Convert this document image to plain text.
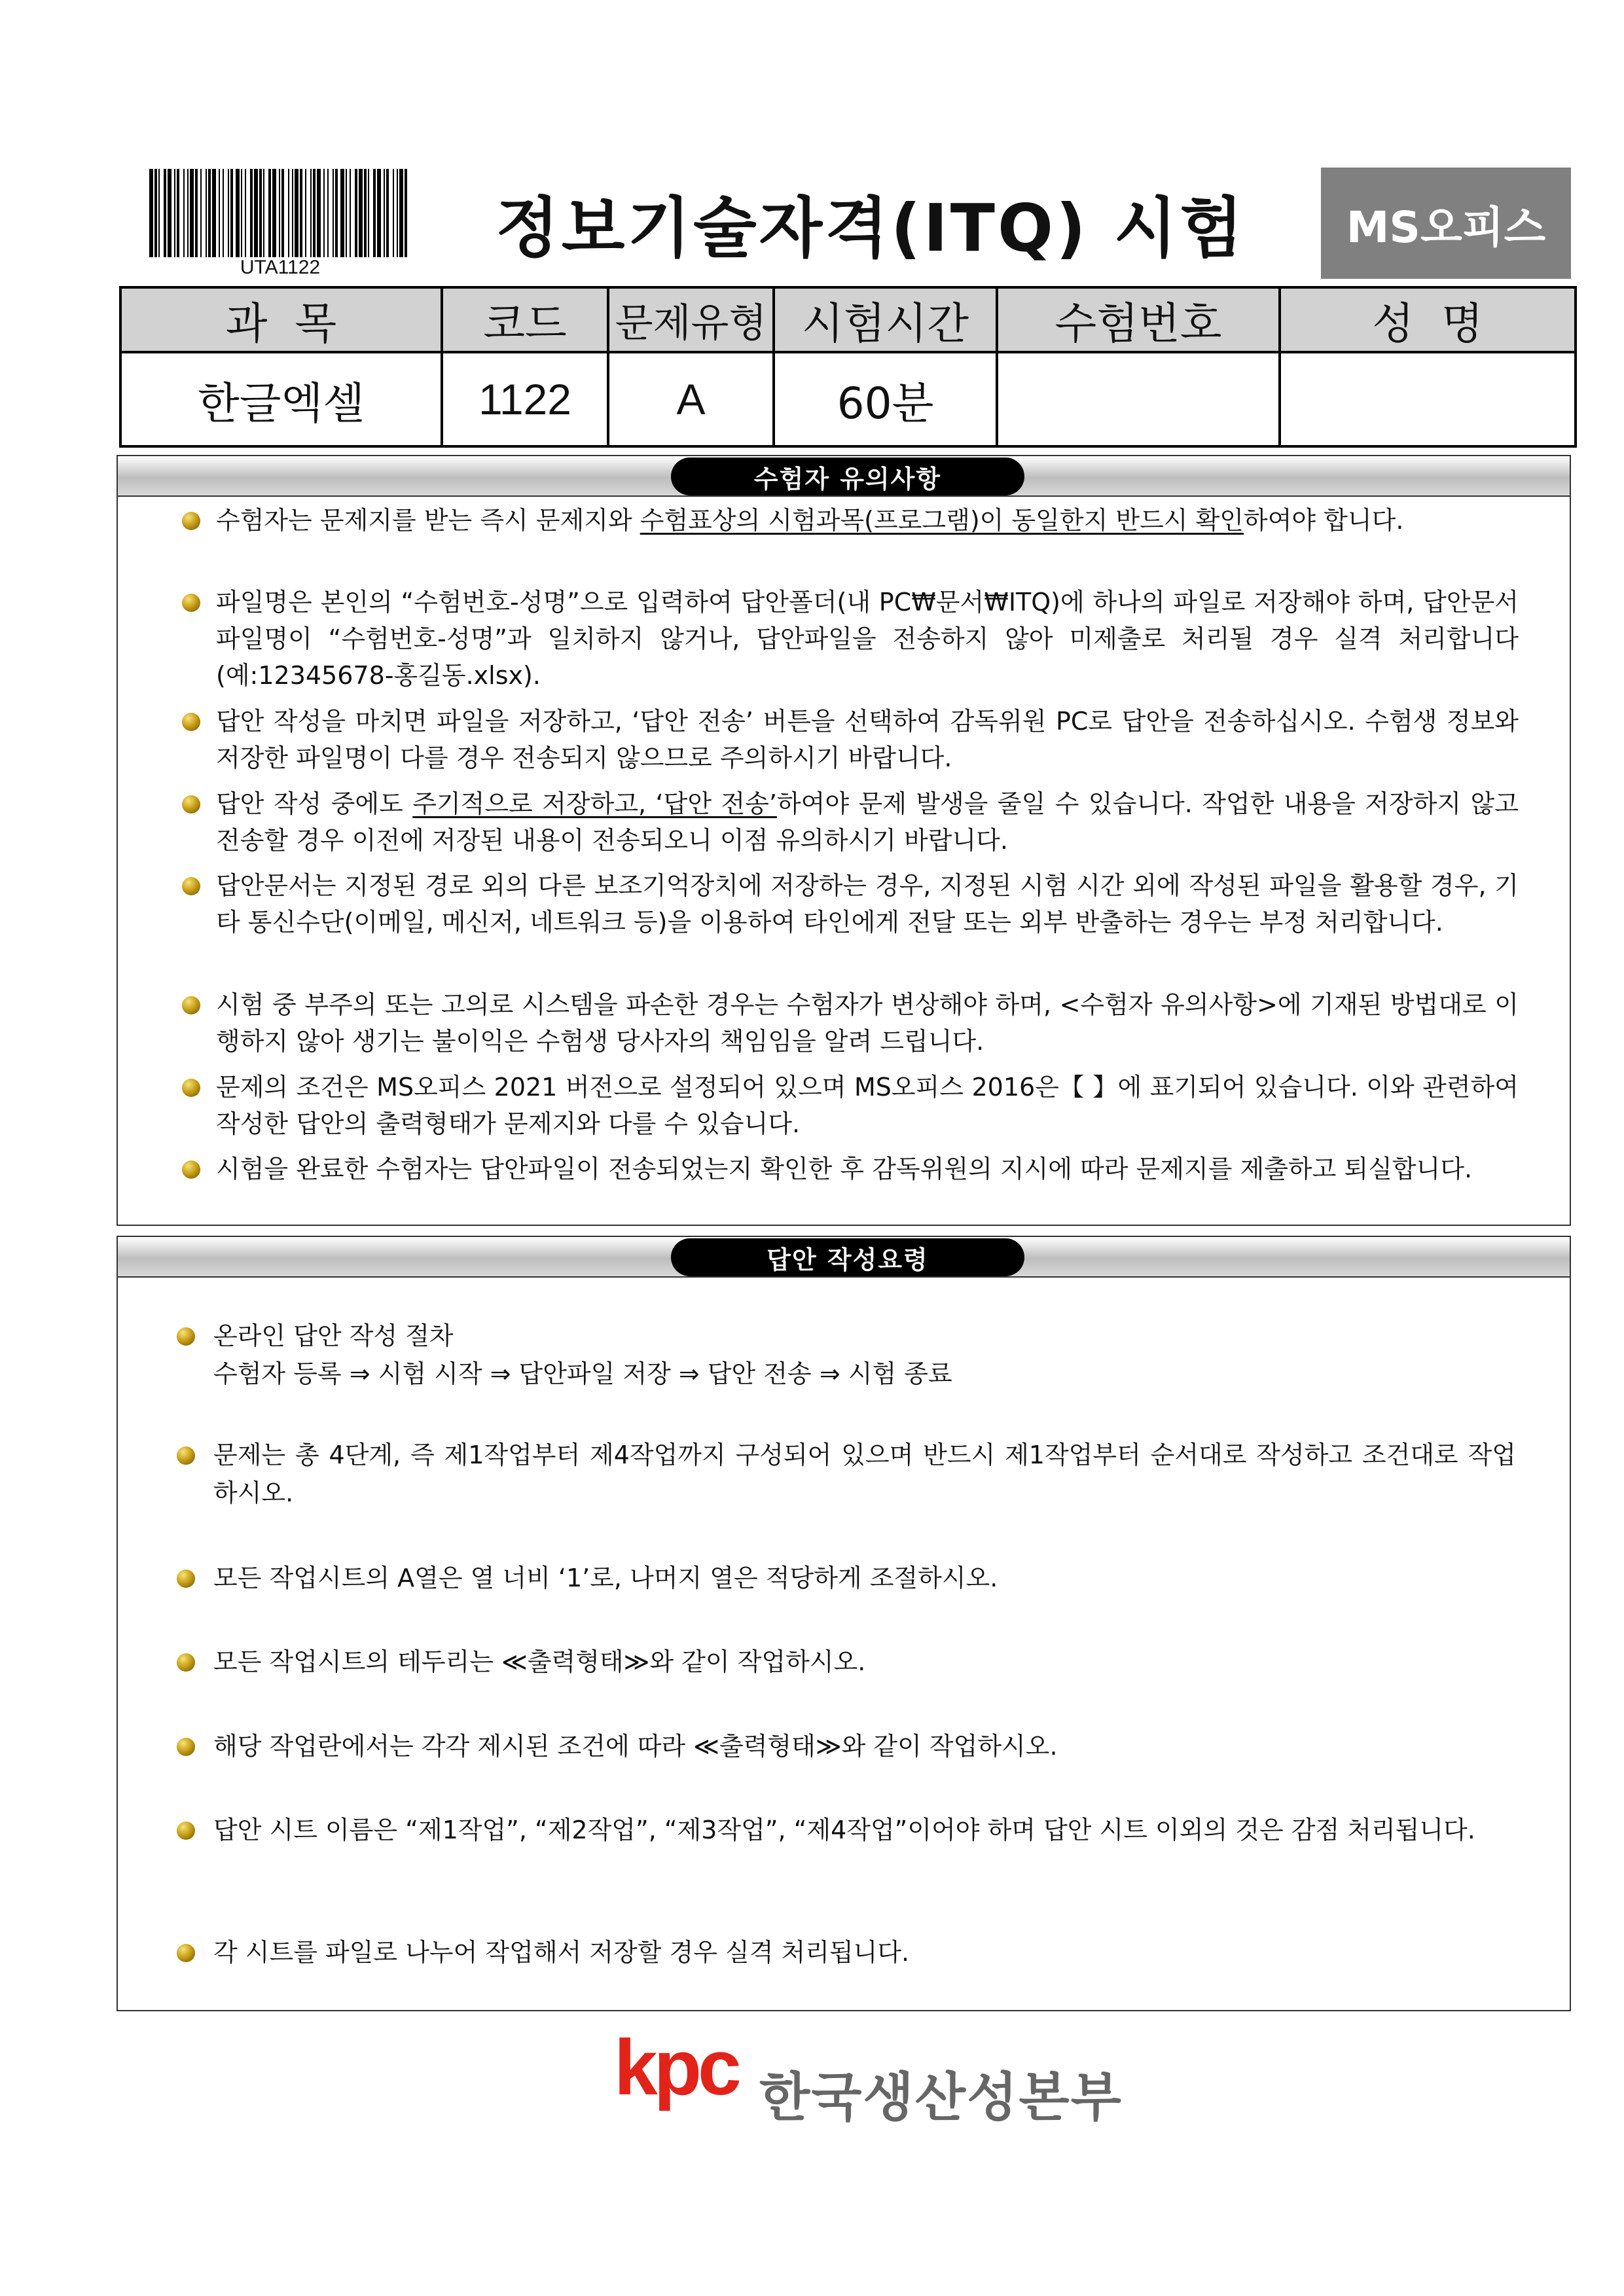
UTA1122
정보기술자격(ITQ) 시험	MS오피스
과  목	코드	문제유형	시험시간	수험번호	성  명
한글엑셀	1122	A	60분		
수험자 유의사항
수험자는 문제지를 받는 즉시 문제지와 수험표상의 시험과목(프로그램)이 동일한지 반드시 확인하여야 합니다.
파일명은 본인의 “수험번호-성명”으로 입력하여 답안폴더(내 PC₩문서₩ITQ)에 하나의 파일로 저장해야 하며, 답안문서 파일명이 “수험번호-성명”과 일치하지 않거나, 답안파일을 전송하지 않아 미제출로 처리될 경우 실격 처리합니다(예:12345678-홍길동.xlsx).
답안 작성을 마치면 파일을 저장하고, ‘답안 전송’ 버튼을 선택하여 감독위원 PC로 답안을 전송하십시오. 수험생 정보와 저장한 파일명이 다를 경우 전송되지 않으므로 주의하시기 바랍니다.
답안 작성 중에도 주기적으로 저장하고, ‘답안 전송’하여야 문제 발생을 줄일 수 있습니다. 작업한 내용을 저장하지 않고 전송할 경우 이전에 저장된 내용이 전송되오니 이점 유의하시기 바랍니다.
답안문서는 지정된 경로 외의 다른 보조기억장치에 저장하는 경우, 지정된 시험 시간 외에 작성된 파일을 활용할 경우, 기타 통신수단(이메일, 메신저, 네트워크 등)을 이용하여 타인에게 전달 또는 외부 반출하는 경우는 부정 처리합니다.
시험 중 부주의 또는 고의로 시스템을 파손한 경우는 수험자가 변상해야 하며, <수험자 유의사항>에 기재된 방법대로 이행하지 않아 생기는 불이익은 수험생 당사자의 책임임을 알려 드립니다.
문제의 조건은 MS오피스 2021 버전으로 설정되어 있으며 MS오피스 2016은【 】에 표기되어 있습니다. 이와 관련하여 작성한 답안의 출력형태가 문제지와 다를 수 있습니다.
시험을 완료한 수험자는 답안파일이 전송되었는지 확인한 후 감독위원의 지시에 따라 문제지를 제출하고 퇴실합니다.
답안 작성요령
온라인 답안 작성 절차
수험자 등록 ⇒ 시험 시작 ⇒ 답안파일 저장 ⇒ 답안 전송 ⇒ 시험 종료
문제는 총 4단계, 즉 제1작업부터 제4작업까지 구성되어 있으며 반드시 제1작업부터 순서대로 작성하고 조건대로 작업하시오.
모든 작업시트의 A열은 열 너비 ‘1’로, 나머지 열은 적당하게 조절하시오.
모든 작업시트의 테두리는 ≪출력형태≫와 같이 작업하시오.
해당 작업란에서는 각각 제시된 조건에 따라 ≪출력형태≫와 같이 작업하시오.
답안 시트 이름은 “제1작업”, “제2작업”, “제3작업”, “제4작업”이어야 하며 답안 시트 이외의 것은 감점 처리됩니다.
각 시트를 파일로 나누어 작업해서 저장할 경우 실격 처리됩니다.
kpc 한국생산성본부
